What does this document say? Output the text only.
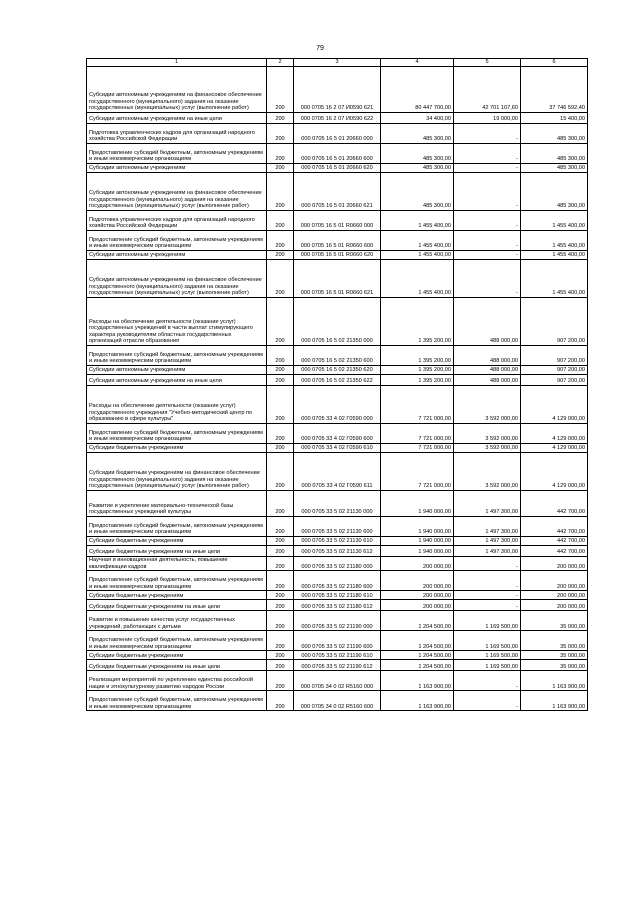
79
1	2	3	4	5	6
Субсидии автономным учреждениям на финансовое обеспечение государственного (муниципального) задания на оказание государственных (муниципальных) услуг (выполнение работ)	200	000 0705 16 2 07 И0590 621	80 447 700,00	42 701 107,60	37 746 592,40
Субсидии автономным учреждениям на иные цели	200	000 0705 16 2 07 И0590 622	34 400,00	19 000,00	15 400,00
Подготовка управленческих кадров для организаций народного хозяйства Российской Федерации	200	000 0705 16 5 01 20660 000	485 300,00	-	485 300,00
Предоставление субсидий бюджетным, автономным учреждениям и иным некоммерческим организациям	200	000 0705 16 5 01 20660 600	485 300,00	-	485 300,00
Субсидии автономным учреждениям	200	000 0705 16 5 01 20660 620	485 300,00	-	485 300,00
Субсидии автономным учреждениям на финансовое обеспечение государственного (муниципального) задания на оказание государственных (муниципальных) услуг (выполнение работ)	200	000 0705 16 5 01 20660 621	485 300,00	-	485 300,00
Подготовка управленческих кадров для организаций народного хозяйства Российской Федерации	200	000 0705 16 5 01 R0660 000	1 455 400,00	-	1 455 400,00
Предоставление субсидий бюджетным, автономным учреждениям и иным некоммерческим организациям	200	000 0705 16 5 01 R0660 600	1 455 400,00	-	1 455 400,00
Субсидии автономным учреждениям	200	000 0705 16 5 01 R0660 620	1 455 400,00	-	1 455 400,00
Субсидии автономным учреждениям на финансовое обеспечение государственного (муниципального) задания на оказание государственных (муниципальных) услуг (выполнение работ)	200	000 0705 16 5 01 R0660 621	1 455 400,00	-	1 455 400,00
Расходы на обеспечение деятельности (оказание услуг) государственных учреждений в части выплат стимулирующего характера руководителям областных государственных организаций отрасли образования	200	000 0705 16 5 02 21350 000	1 395 200,00	488 000,00	907 200,00
Предоставление субсидий бюджетным, автономным учреждениям и иным некоммерческим организациям	200	000 0705 16 5 02 21350 600	1 395 200,00	488 000,00	907 200,00
Субсидии автономным учреждениям	200	000 0705 16 5 02 21350 620	1 395 200,00	488 000,00	907 200,00
Субсидии автономным учреждениям на иные цели	200	000 0705 16 5 02 21350 622	1 395 200,00	488 000,00	907 200,00
Расходы на обеспечение деятельности (оказание услуг) государственного учреждения "Учебно-методический центр по образованию в сфере культуры"	200	000 0705 33 4 02 Г0590 000	7 721 000,00	3 592 000,00	4 129 000,00
Предоставление субсидий бюджетным, автономным учреждениям и иным некоммерческим организациям	200	000 0705 33 4 02 Г0590 600	7 721 000,00	3 592 000,00	4 129 000,00
Субсидии бюджетным учреждениям	200	000 0705 33 4 02 Г0590 610	7 721 000,00	3 592 000,00	4 129 000,00
Субсидии бюджетным учреждениям на финансовое обеспечение государственного (муниципального) задания на оказание государственных (муниципальных) услуг (выполнение работ)	200	000 0705 33 4 02 Г0590 611	7 721 000,00	3 592 000,00	4 129 000,00
Развитие и укрепление материально-технической базы государственных учреждений культуры	200	000 0705 33 5 02 21130 000	1 940 000,00	1 497 300,00	442 700,00
Предоставление субсидий бюджетным, автономным учреждениям и иным некоммерческим организациям	200	000 0705 33 5 02 21130 600	1 940 000,00	1 497 300,00	442 700,00
Субсидии бюджетным учреждениям	200	000 0705 33 5 02 21130 610	1 940 000,00	1 497 300,00	442 700,00
Субсидии бюджетным учреждениям на иные цели	200	000 0705 33 5 02 21130 612	1 940 000,00	1 497 300,00	442 700,00
Научная и инновационная деятельность, повышение квалификации кадров	200	000 0705 33 5 02 21180 000	200 000,00	-	200 000,00
Предоставление субсидий бюджетным, автономным учреждениям и иным некоммерческим организациям	200	000 0705 33 5 02 21180 600	200 000,00	-	200 000,00
Субсидии бюджетным учреждениям	200	000 0705 33 5 02 21180 610	200 000,00	-	200 000,00
Субсидии бюджетным учреждениям на иные цели	200	000 0705 33 5 02 21180 612	200 000,00	-	200 000,00
Развитие и повышение качества услуг государственных учреждений, работающих с детьми	200	000 0705 33 5 02 21190 000	1 204 500,00	1 169 500,00	35 000,00
Предоставление субсидий бюджетным, автономным учреждениям и иным некоммерческим организациям	200	000 0705 33 5 02 21190 600	1 204 500,00	1 169 500,00	35 000,00
Субсидии бюджетным учреждениям	200	000 0705 33 5 02 21190 610	1 204 500,00	1 169 500,00	35 000,00
Субсидии бюджетным учреждениям на иные цели	200	000 0705 33 5 02 21190 612	1 204 500,00	1 169 500,00	35 000,00
Реализация мероприятий по укреплению единства российской нации и этнокультурному развитию народов России	200	000 0705 34 0 02 R5160 000	1 163 900,00	-	1 163 900,00
Предоставление субсидий бюджетным, автономным учреждениям и иным некоммерческим организациям	200	000 0705 34 0 02 R5160 600	1 163 900,00	-	1 163 900,00
